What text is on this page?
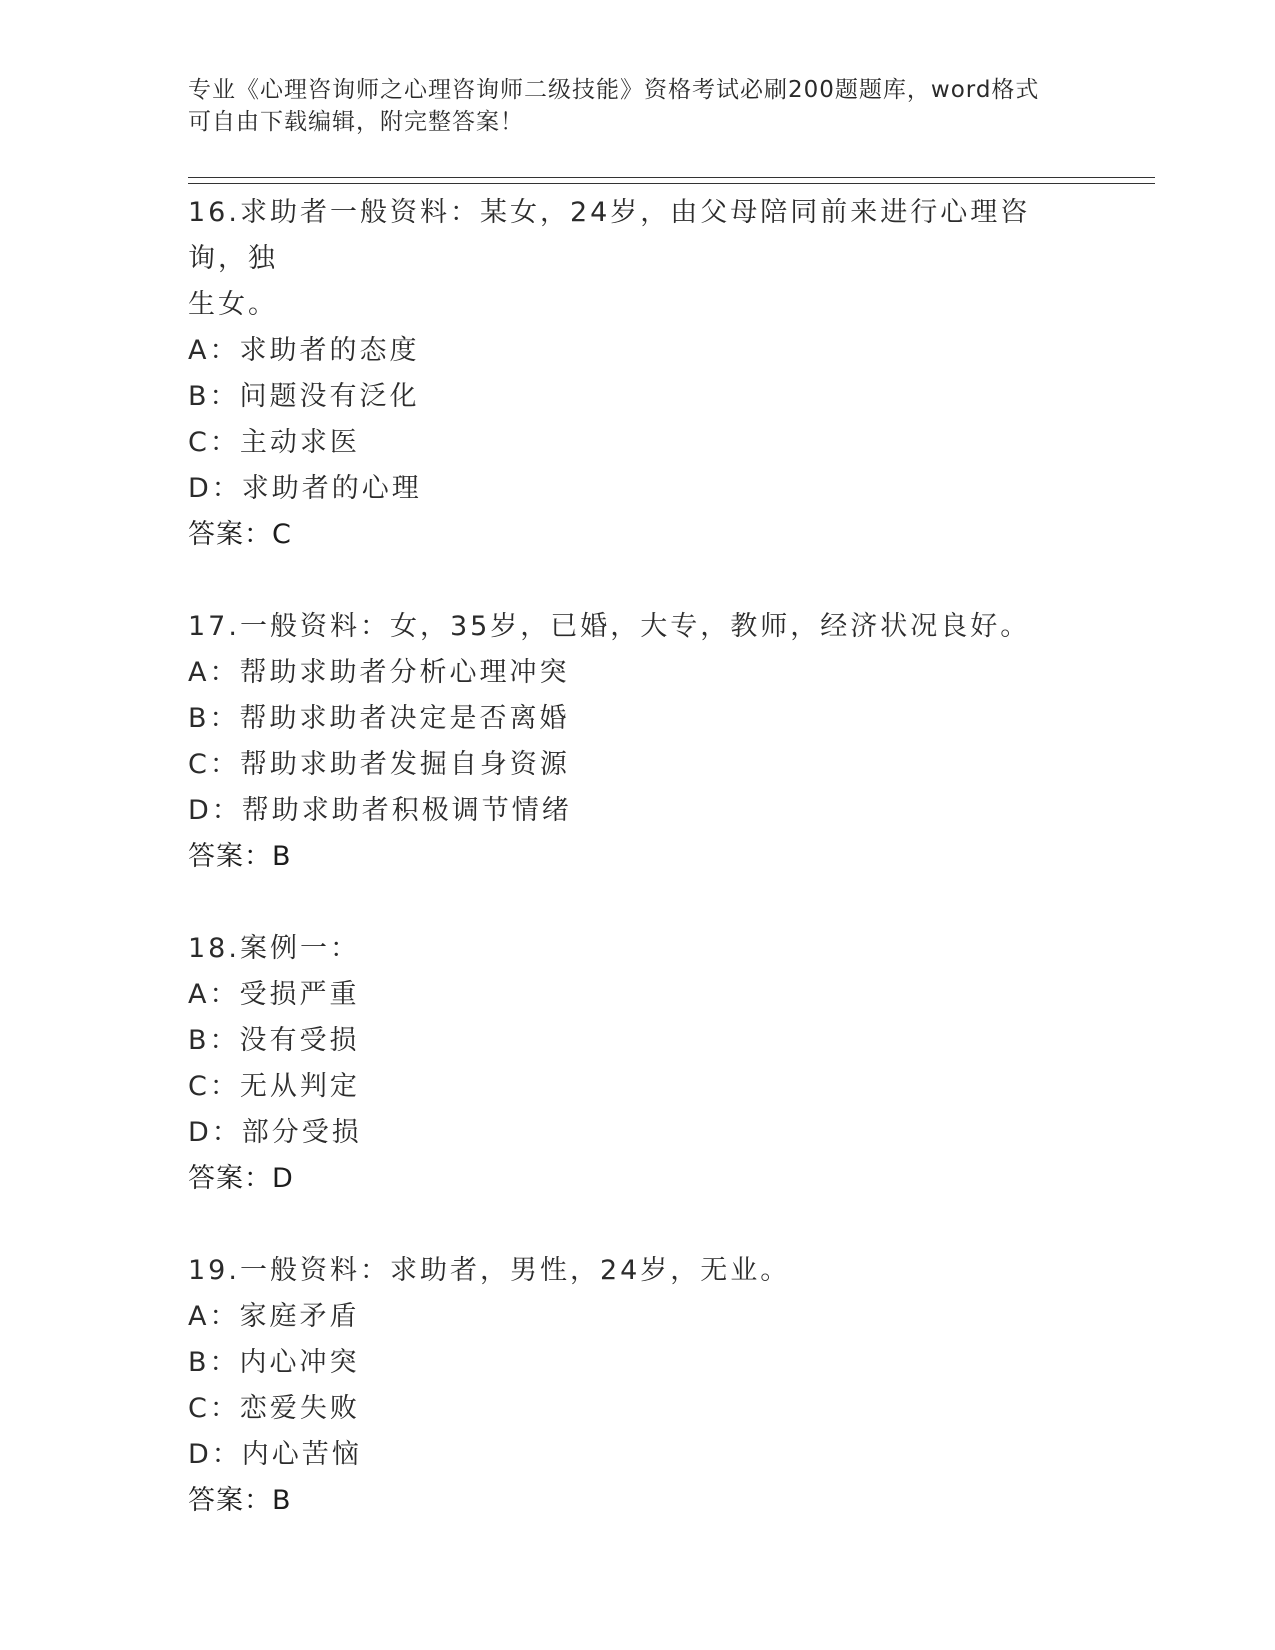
专业《心理咨询师之心理咨询师二级技能》资格考试必刷200题题库，word格式
可自由下载编辑，附完整答案！
16.求助者一般资料：某女，24岁，由父母陪同前来进行心理咨询，独
生女。
A：求助者的态度
B：问题没有泛化
C：主动求医
D：求助者的心理
答案：C
17.一般资料：女，35岁，已婚，大专，教师，经济状况良好。
A：帮助求助者分析心理冲突
B：帮助求助者决定是否离婚
C：帮助求助者发掘自身资源
D：帮助求助者积极调节情绪
答案：B
18.案例一：
A：受损严重
B：没有受损
C：无从判定
D：部分受损
答案：D
19.一般资料：求助者，男性，24岁，无业。
A：家庭矛盾
B：内心冲突
C：恋爱失败
D：内心苦恼
答案：B
